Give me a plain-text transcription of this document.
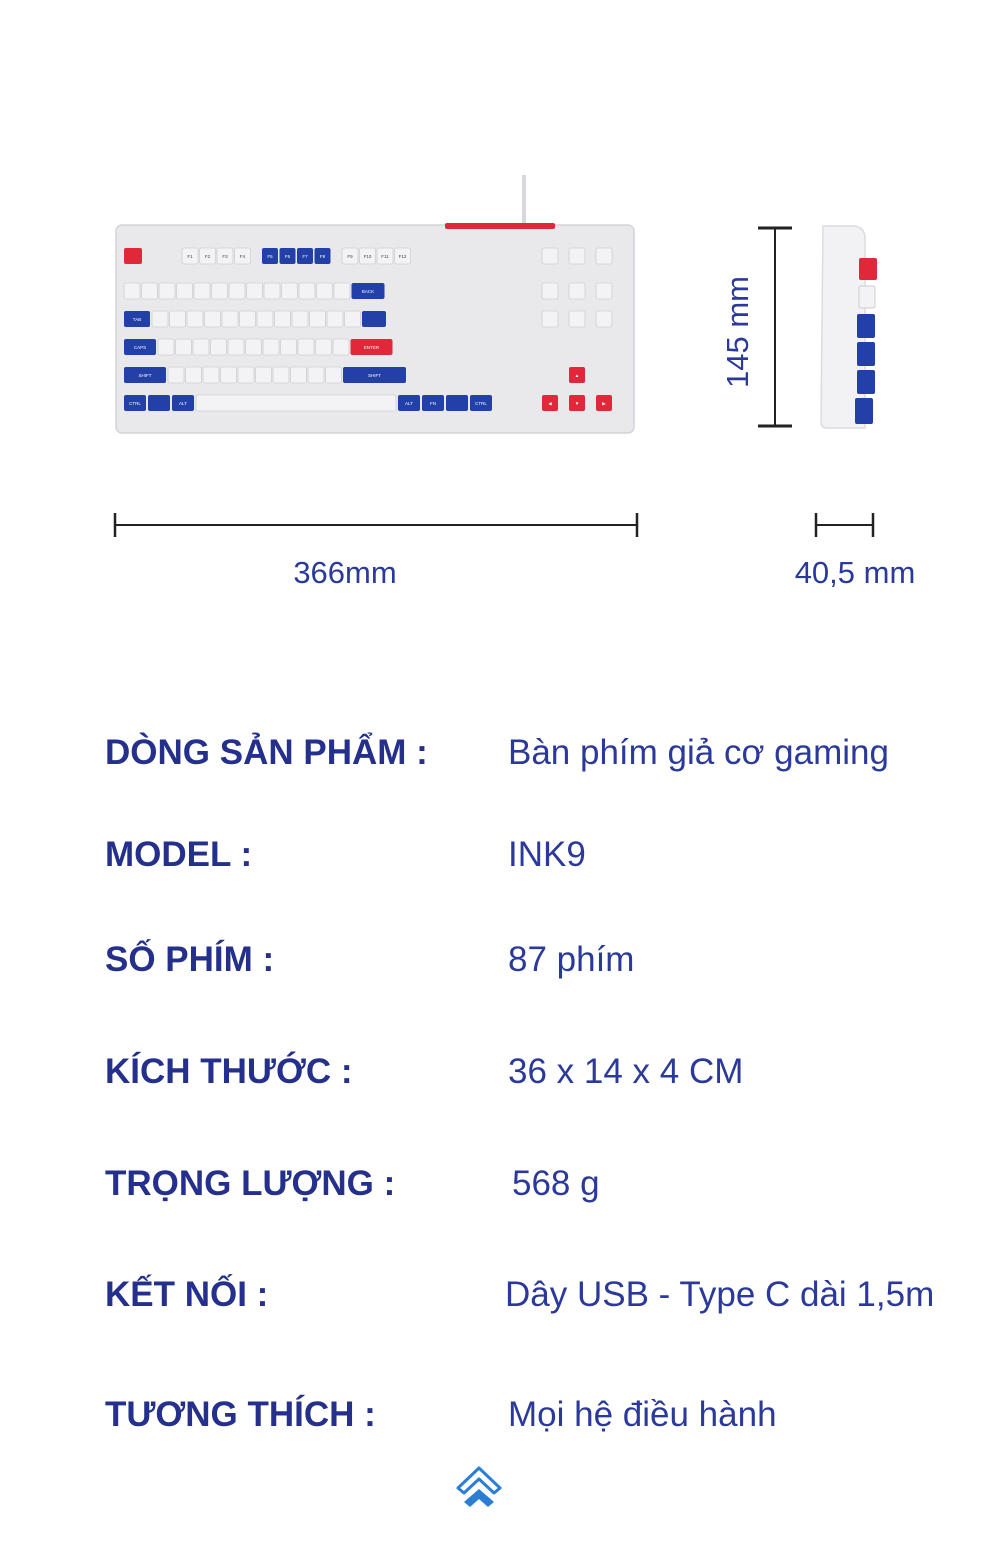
F1	F2	F3	F4	F5	F6	F7	F8	F9 F10 F11 F12
BACK
TAB
CAPS	ENTER
SHIFT	SHIFT	▲
CTRL	ALT	ALT	FN	CTRL	◀	▼	▶
145 mm
366mm	40,5 mm
DÒNG SẢN PHẨM : Bàn phím giả cơ gaming
MODEL :	INK9
SỐ PHÍM :	87 phím
KÍCH THƯỚC :	36 x 14 x 4 CM
TRỌNG LƯỢNG :	568 g
KẾT NỐI :	Dây USB - Type C dài 1,5m
TƯƠNG THÍCH :	Mọi hệ điều hành
